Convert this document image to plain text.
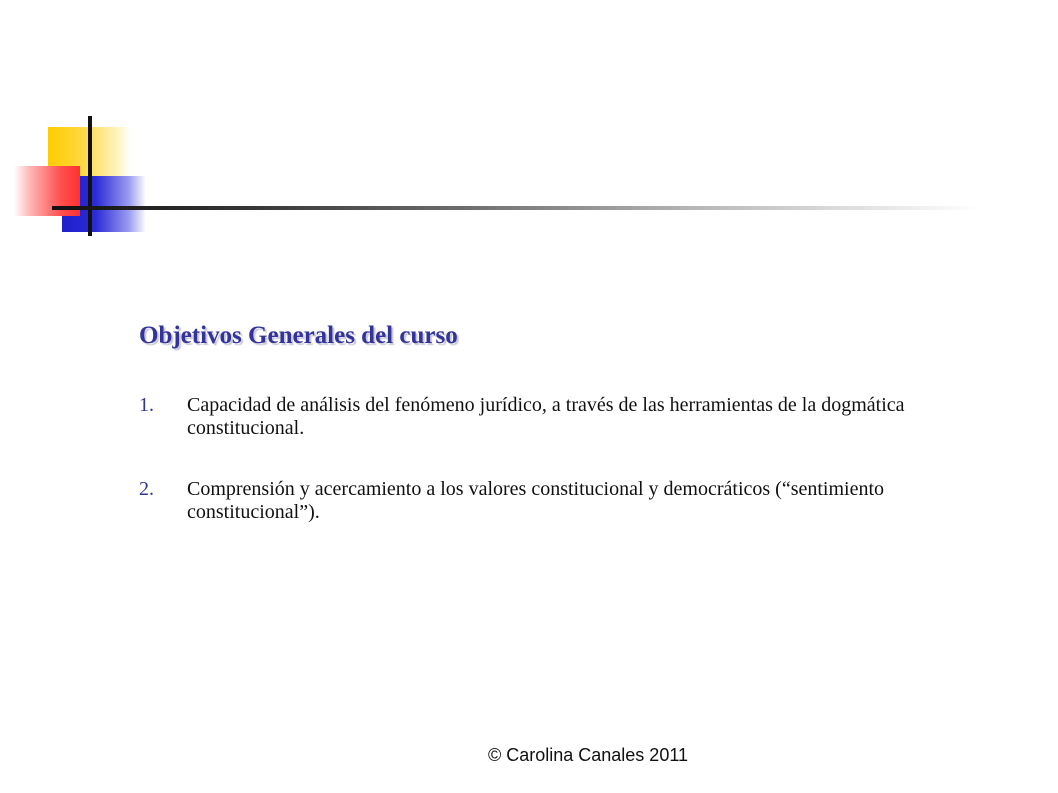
Objetivos Generales del curso
1. Capacidad de análisis del fenómeno jurídico, a través de las herramientas de la dogmática constitucional.
2. Comprensión y acercamiento a los valores constitucional y democráticos (“sentimiento constitucional”).
© Carolina Canales 2011
